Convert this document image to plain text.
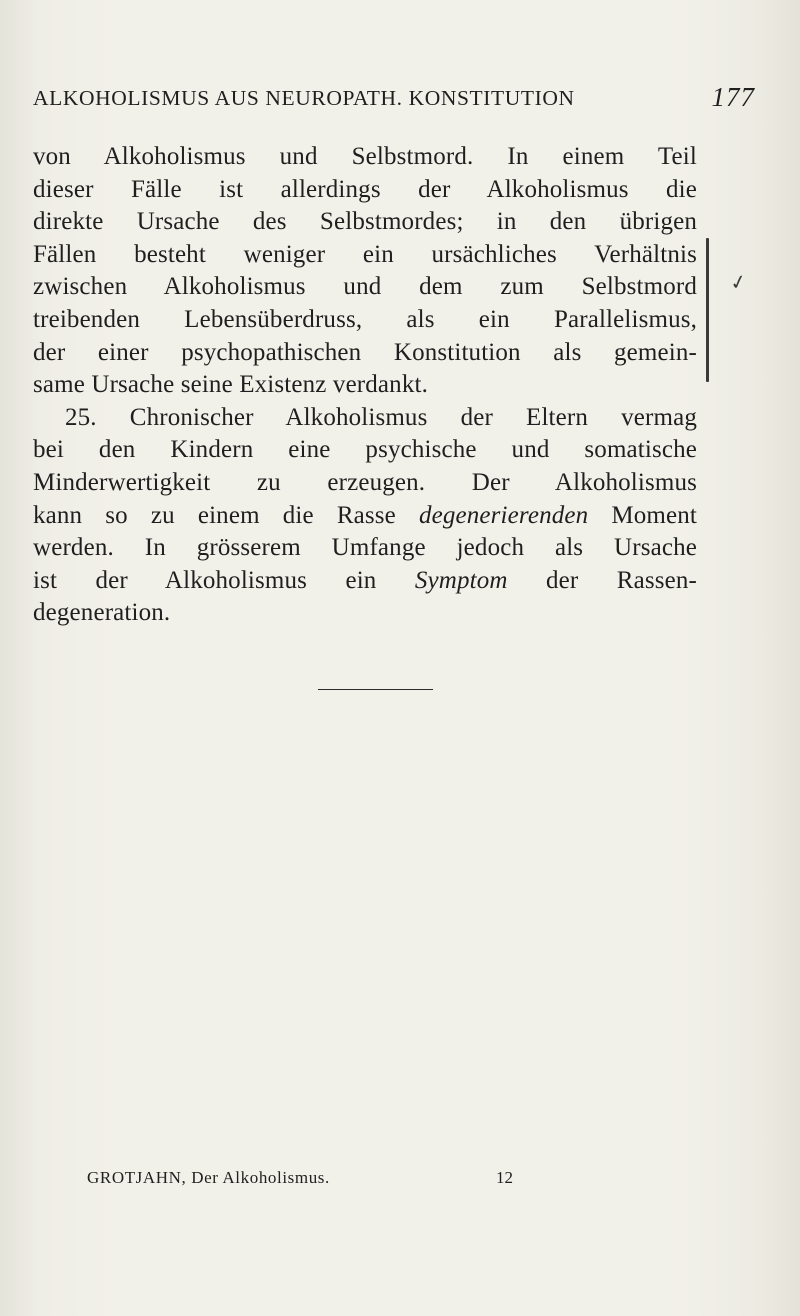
ALKOHOLISMUS AUS NEUROPATH. KONSTITUTION	177
von Alkoholismus und Selbstmord. In einem Teil
dieser Fälle ist allerdings der Alkoholismus die
direkte Ursache des Selbstmordes; in den übrigen
Fällen besteht weniger ein ursächliches Verhältnis
zwischen Alkoholismus und dem zum Selbstmord
treibenden Lebensüberdruss, als ein Parallelismus,
der einer psychopathischen Konstitution als gemein-
same Ursache seine Existenz verdankt.
25. Chronischer Alkoholismus der Eltern vermag
bei den Kindern eine psychische und somatische
Minderwertigkeit zu erzeugen. Der Alkoholismus
kann so zu einem die Rasse degenerierenden Moment
werden. In grösserem Umfange jedoch als Ursache
ist der Alkoholismus ein Symptom der Rassen-
degeneration.
✓
GROTJAHN, Der Alkoholismus.	12
